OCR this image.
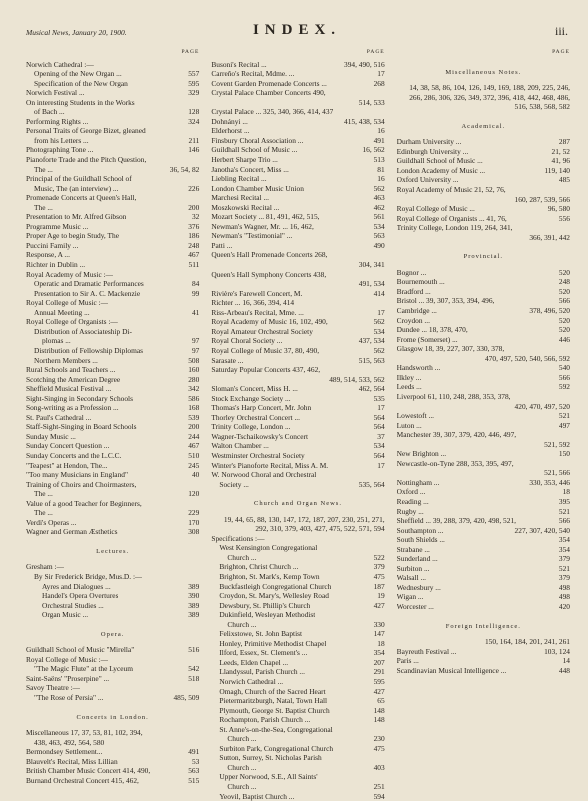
Musical News, January 20, 1900.	INDEX.	iii.
PAGE
Norwich Cathedral :—
Opening of the New Organ ...	557
Specification of the New Organ	595
Norwich Festival ...	329
On interesting Students in the Works
of Bach ...	128
Performing Rights ...	324
Personal Traits of George Bizet, gleaned
from his Letters ...	211
Photographing Tone ...	146
Pianoforte Trade and the Pitch Question,
The ...	36, 54, 82
Principal of the Guildhall School of
Music, The (an interview) ...	226
Promenade Concerts at Queen's Hall,
The ...	200
Presentation to Mr. Alfred Gibson	32
Programme Music ...	376
Proper Age to begin Study, The	186
Puccini Family ...	248
Response, A ...	467
Richter in Dublin ...	511
Royal Academy of Music :—
Operatic and Dramatic Performances	84
Presentation to Sir A. C. Mackenzie	99
Royal College of Music :—
Annual Meeting ...	41
Royal College of Organists :—
Distribution of Associateship Di-
plomas ...	97
Distribution of Fellowship Diplomas	97
Northern Members ...	508
Rural Schools and Teachers ...	160
Scotching the American Degree	280
Sheffield Musical Festival ...	342
Sight-Singing in Secondary Schools	586
Song-writing as a Profession ...	168
St. Paul's Cathedral ...	539
Staff-Sight-Singing in Board Schools	200
Sunday Music ...	244
Sunday Concert Question ...	467
Sunday Concerts and the L.C.C.	510
"Teapest" at Hendon, The...	245
"Too many Musicians in England"	40
Training of Choirs and Choirmasters,
The ...	120
Value of a good Teacher for Beginners,
The ...	229
Verdi's Operas ...	170
Wagner and German Æsthetics	308
Lectures.
Gresham :—
By Sir Frederick Bridge, Mus.D. :—
Ayres and Dialogues ...	389
Handel's Opera Overtures	390
Orchestral Studies ...	389
Organ Music ...	389
Opera.
Guildhall School of Music "Mirella"	516
Royal College of Music :—
"The Magic Flute" at the Lyceum	542
Saint-Saëns' "Proserpine" ...	518
Savoy Theatre :—
"The Rose of Persia" ...	485, 509
Concerts in London.
Miscellaneous 17, 37, 53, 81, 102, 394,
438, 463, 492, 564, 580
Bermondsey Settlement...	491
Blauvelt's Recital, Miss Lillian	53
British Chamber Music Concert 414, 490,	563
Burnand Orchestral Concert 415, 462,	515
PAGE
Busoni's Recital ...	394, 490, 516
Carreño's Recital, Mdme. ...	17
Covent Garden Promenade Concerts ...	268
Crystal Palace Chamber Concerts 490,
514, 533
Crystal Palace ... 325, 340, 366, 414, 437
Dohnányi ...	415, 438, 534
Elderhorst ...	16
Finsbury Choral Association ...	491
Guildhall School of Music ...	16, 562
Herbert Sharpe Trio ...	513
Janotha's Concert, Miss ...	81
Liebling Recital ...	16
London Chamber Music Union	562
Marchesi Recital ...	463
Moszkowski Recital ...	462
Mozart Society ... 81, 491, 462, 515,	561
Newman's Wagner, Mr. ... 16, 462,	534
Newman's "Testimonial" ...	563
Patti ...	490
Queen's Hall Promenade Concerts 268,
304, 341
Queen's Hall Symphony Concerts 438,
491, 534
Rivière's Farewell Concert, M.	414
Richter ... 16, 366, 394, 414
Riss-Arbeau's Recital, Mme. ...	17
Royal Academy of Music 16, 102, 490,	562
Royal Amateur Orchestral Society	534
Royal Choral Society ...	437, 534
Royal College of Music 37, 80, 490,	562
Sarasate ...	515, 563
Saturday Popular Concerts 437, 462,
489, 514, 533, 562
Sloman's Concert, Miss H. ...	462, 564
Stock Exchange Society ...	535
Thomas's Harp Concert, Mr. John	17
Thorley Orchestral Concert ...	564
Trinity College, London ...	564
Wagner-Tschaikowsky's Concert	37
Walton Chamber ...	534
Westminster Orchestral Society	564
Winter's Pianoforte Recital, Miss A. M.	17
W. Norwood Choral and Orchestral
Society ...	535, 564
Church and Organ News.
19, 44, 65, 88, 130, 147, 172, 187, 207, 230, 251, 271, 292, 310, 379, 403, 427, 475, 522, 571, 594
Specifications :—
West Kensington Congregational
Church ...	522
Brighton, Christ Church ...	379
Brighton, St. Mark's, Kemp Town	475
Buckfastleigh Congregational Church	187
Croydon, St. Mary's, Wellesley Road	19
Dewsbury, St. Phillip's Church	427
Dukinfield, Wesleyan Methodist
Church ...	330
Felixstowe, St. John Baptist	147
Honley, Primitive Methodist Chapel	18
Ilford, Essex, St. Clement's ...	354
Leeds, Elden Chapel ...	207
Llandyssul, Parish Church ...	291
Norwich Cathedral ...	595
Omagh, Church of the Sacred Heart	427
Pietermaritzburgh, Natal, Town Hall	65
Plymouth, George St. Baptist Church	148
Rochampton, Parish Church ...	148
St. Anne's-on-the-Sea, Congregational
Church ...	230
Surbiton Park, Congregational Church	475
Sutton, Surrey, St. Nicholas Parish
Church ...	403
Upper Norwood, S.E., All Saints'
Church ...	251
Yeovil, Baptist Church ...	594
PAGE
Miscellaneous Notes.
14, 38, 58, 86, 104, 126, 149, 169, 188, 209, 225, 246, 266, 286, 306, 326, 349, 372, 396, 418, 442, 468, 486, 516, 538, 568, 582
Academical.
Durham University ...	287
Edinburgh University ...	21, 52
Guildhall School of Music ...	41, 96
London Academy of Music ...	119, 140
Oxford University ...	485
Royal Academy of Music 21, 52, 76,
160, 287, 539, 566
Royal College of Music ...	96, 580
Royal College of Organists ... 41, 76,	556
Trinity College, London 119, 264, 341,
366, 391, 442
Provincial.
Bognor ...	520
Bournemouth ...	248
Bradford ...	520
Bristol ... 39, 307, 353, 394, 496,	566
Cambridge ...	378, 496, 520
Croydon ...	520
Dundee ... 18, 378, 470,	520
Frome (Somerset) ...	446
Glasgow 18, 39, 227, 307, 330, 378,
470, 497, 520, 540, 566, 592
Handsworth ...	540
Ilkley ...	566
Leeds ...	592
Liverpool 61, 110, 248, 288, 353, 378,
420, 470, 497, 520
Lowestoft ...	521
Luton ...	497
Manchester 39, 307, 379, 420, 446, 497,
521, 592
New Brighton ...	150
Newcastle-on-Tyne 288, 353, 395, 497,
521, 566
Nottingham ...	330, 353, 446
Oxford ...	18
Reading ...	395
Rugby ...	521
Sheffield ... 39, 288, 379, 420, 498, 521,	566
Southampton ...	227, 307, 420, 540
South Shields ...	354
Strabane ...	354
Sunderland ...	379
Surbiton ...	521
Walsall ...	379
Wednesbury ...	498
Wigan ...	498
Worcester ...	420
Foreign Intelligence.
150, 164, 184, 201, 241, 261
Bayreuth Festival ...	103, 124
Paris ...	14
Scandinavian Musical Intelligence ...	448
